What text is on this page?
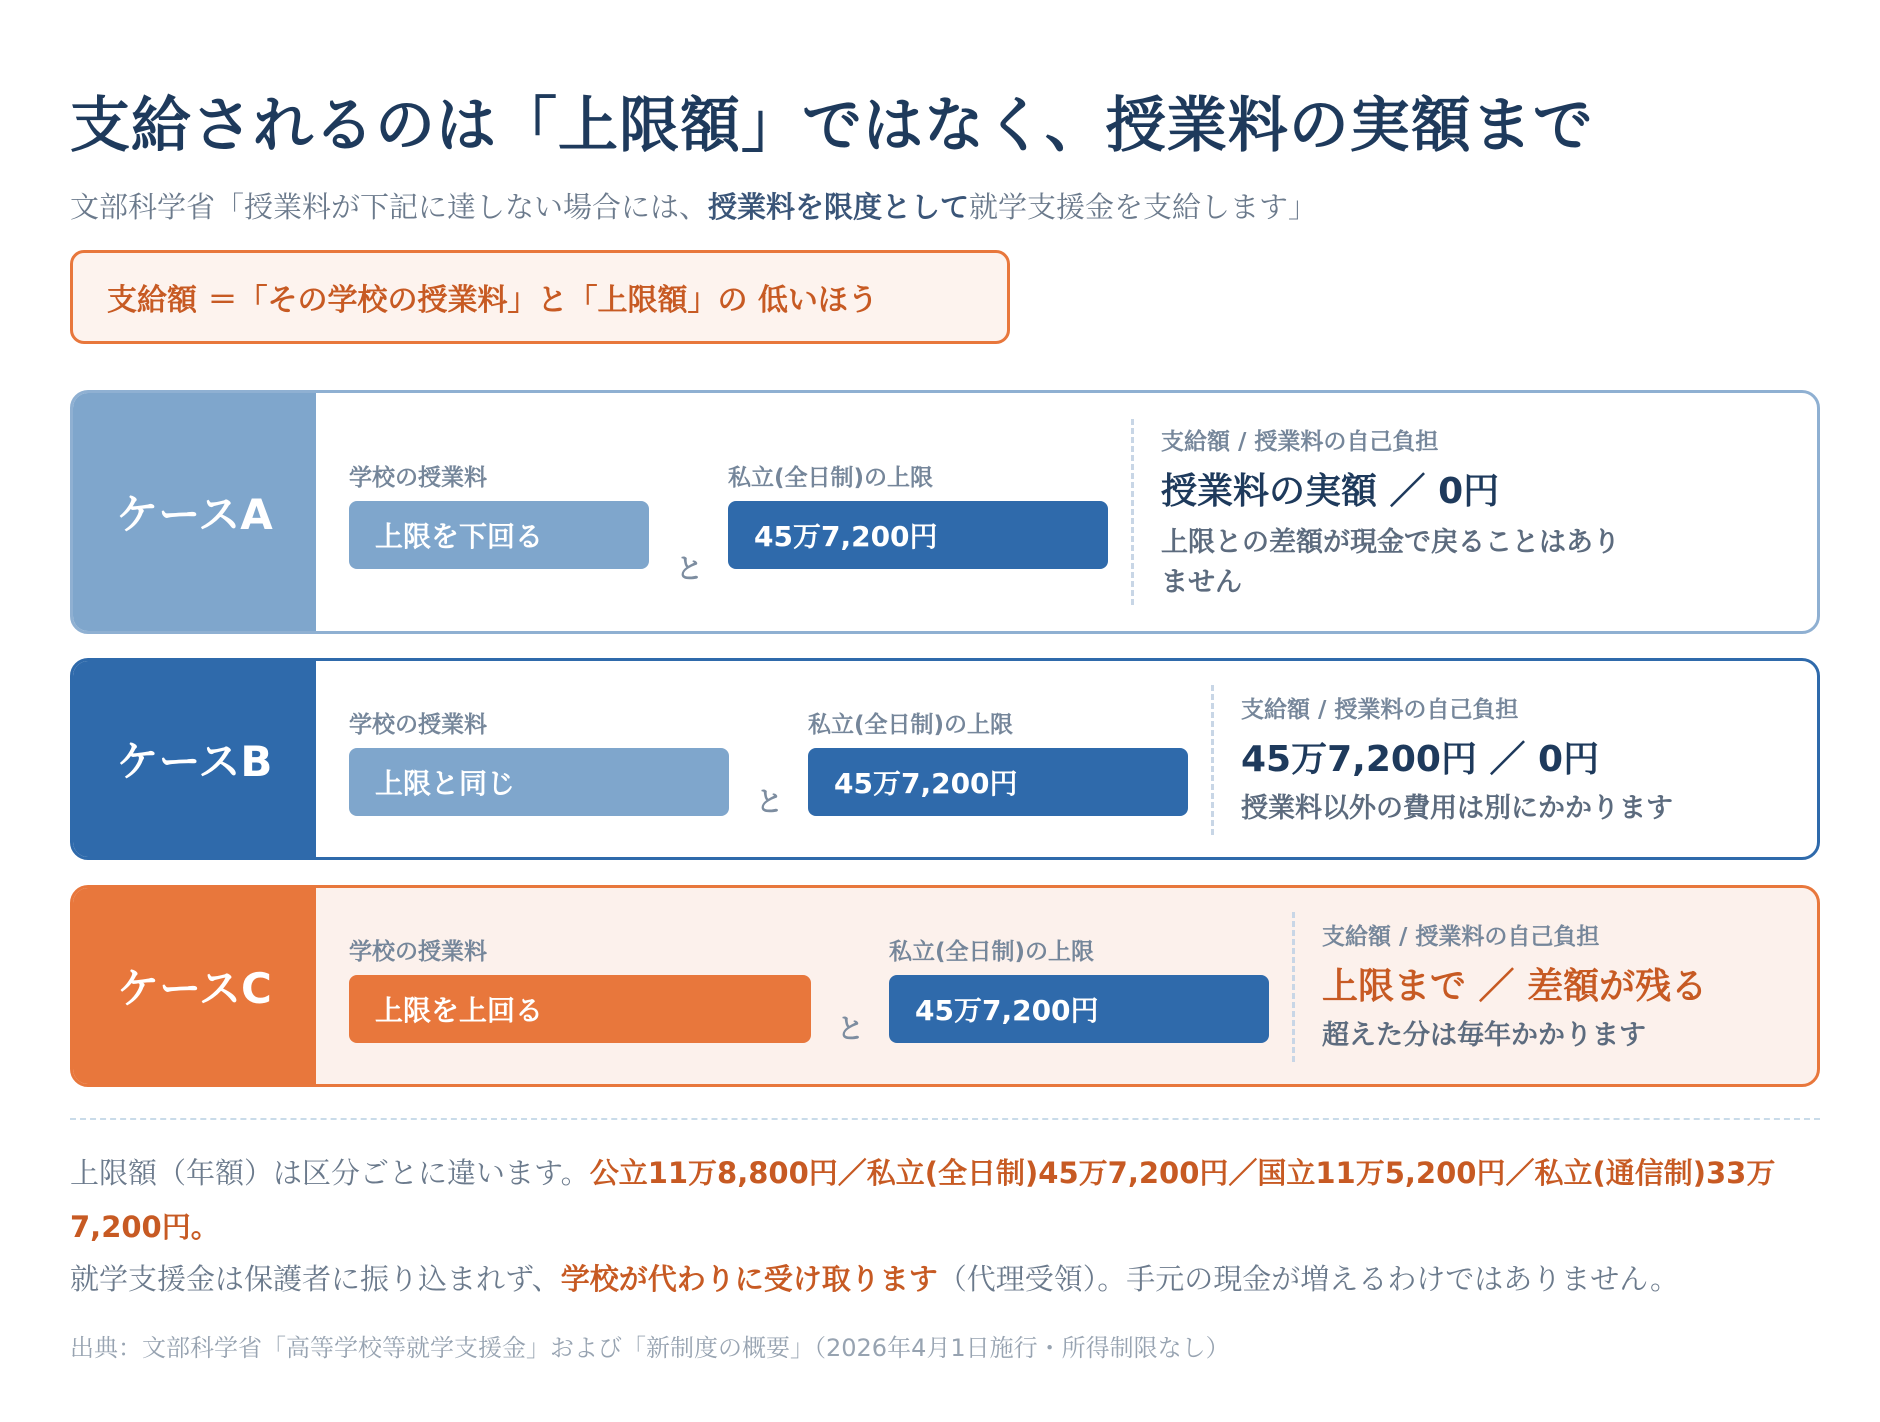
支給されるのは「上限額」ではなく、授業料の実額まで
文部科学省「授業料が下記に達しない場合には、授業料を限度として就学支援金を支給します」
支給額 ＝「その学校の授業料」と「上限額」の 低いほう
ケースA
学校の授業料
上限を下回る
と
私立(全日制)の上限
45万7,200円
支給額 / 授業料の自己負担
授業料の実額 ／ 0円
上限との差額が現金で戻ることはありません
ケースB
学校の授業料
上限と同じ
と
私立(全日制)の上限
45万7,200円
支給額 / 授業料の自己負担
45万7,200円 ／ 0円
授業料以外の費用は別にかかります
ケースC
学校の授業料
上限を上回る
と
私立(全日制)の上限
45万7,200円
支給額 / 授業料の自己負担
上限まで ／ 差額が残る
超えた分は毎年かかります
上限額（年額）は区分ごとに違います。公立11万8,800円／私立(全日制)45万7,200円／国立11万5,200円／私立(通信制)33万7,200円。
就学支援金は保護者に振り込まれず、学校が代わりに受け取ります（代理受領）。手元の現金が増えるわけではありません。
出典：文部科学省「高等学校等就学支援金」および「新制度の概要」（2026年4月1日施行・所得制限なし）
